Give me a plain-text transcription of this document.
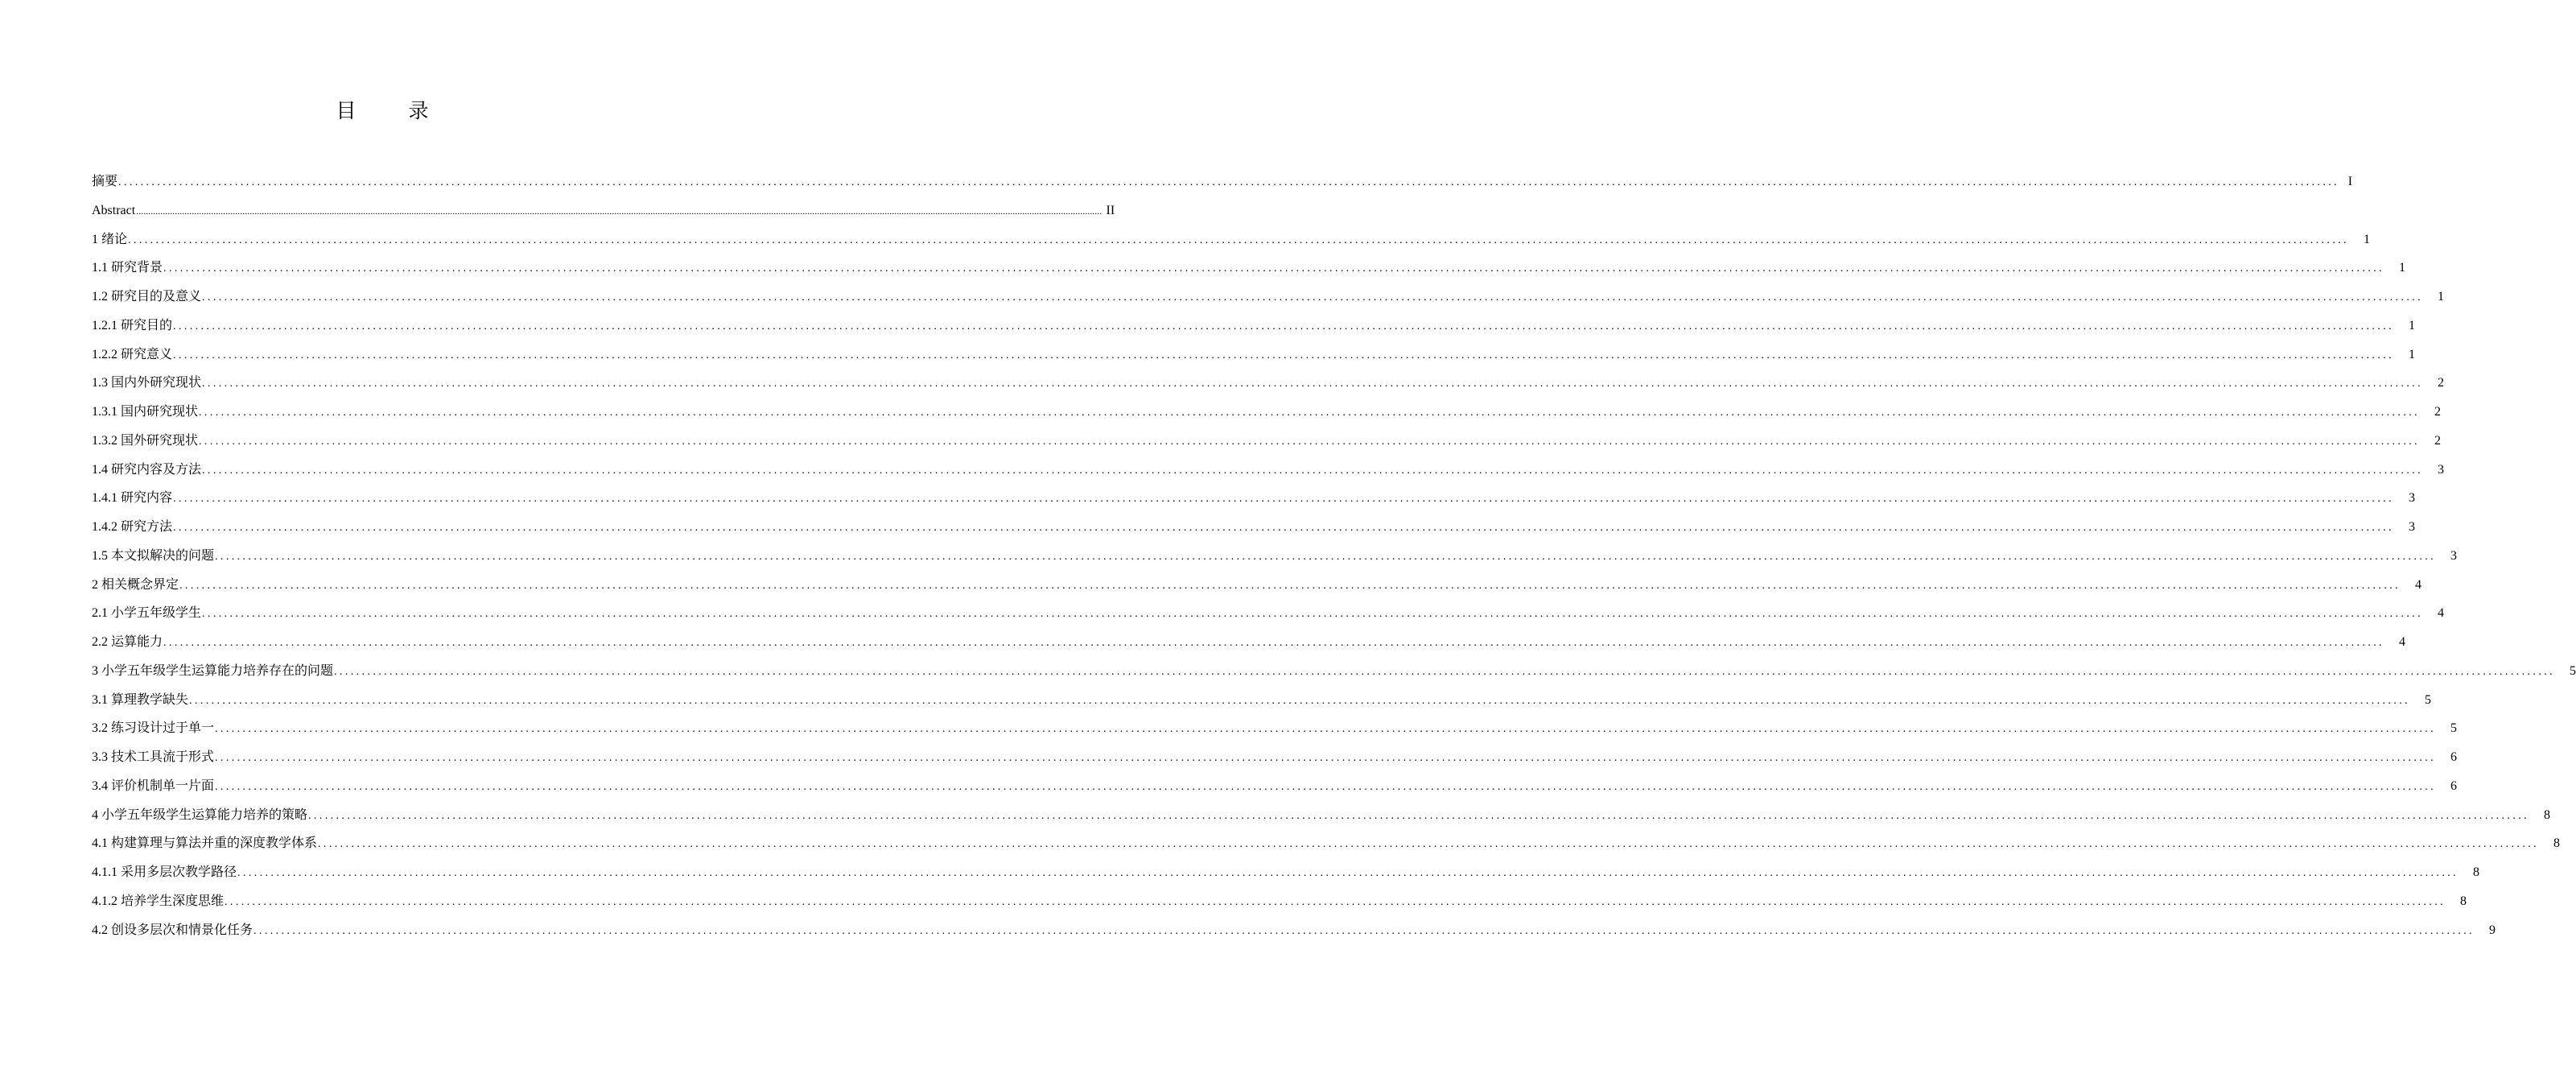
目　录
摘要 ................................................................................................................................................................................................................................................................................................................................................................................................................ I
Abstract ................................................................................................................................................................................................................................................................................................................................................................................................................ II
1 绪论 ................................................................................................................................................................................................................................................................................................................................................................................................................	1
1.1 研究背景 ................................................................................................................................................................................................................................................................................................................................................................................................................	1
1.2 研究目的及意义 ................................................................................................................................................................................................................................................................................................................................................................................................................	1
1.2.1 研究目的 ................................................................................................................................................................................................................................................................................................................................................................................................................	1
1.2.2 研究意义 ................................................................................................................................................................................................................................................................................................................................................................................................................	1
1.3 国内外研究现状 ................................................................................................................................................................................................................................................................................................................................................................................................................	2
1.3.1 国内研究现状 ................................................................................................................................................................................................................................................................................................................................................................................................................	2
1.3.2 国外研究现状 ................................................................................................................................................................................................................................................................................................................................................................................................................	2
1.4 研究内容及方法 ................................................................................................................................................................................................................................................................................................................................................................................................................	3
1.4.1 研究内容 ................................................................................................................................................................................................................................................................................................................................................................................................................	3
1.4.2 研究方法 ................................................................................................................................................................................................................................................................................................................................................................................................................	3
1.5 本文拟解决的问题 ................................................................................................................................................................................................................................................................................................................................................................................................................	3
2 相关概念界定 ................................................................................................................................................................................................................................................................................................................................................................................................................	4
2.1 小学五年级学生 ................................................................................................................................................................................................................................................................................................................................................................................................................	4
2.2 运算能力 ................................................................................................................................................................................................................................................................................................................................................................................................................	4
3 小学五年级学生运算能力培养存在的问题 ................................................................................................................................................................................................................................................................................................................................................................................................................	5
3.1 算理教学缺失 ................................................................................................................................................................................................................................................................................................................................................................................................................	5
3.2 练习设计过于单一 ................................................................................................................................................................................................................................................................................................................................................................................................................	5
3.3 技术工具流于形式 ................................................................................................................................................................................................................................................................................................................................................................................................................	6
3.4 评价机制单一片面 ................................................................................................................................................................................................................................................................................................................................................................................................................	6
4 小学五年级学生运算能力培养的策略 ................................................................................................................................................................................................................................................................................................................................................................................................................	8
4.1 构建算理与算法并重的深度教学体系 ................................................................................................................................................................................................................................................................................................................................................................................................................	8
4.1.1 采用多层次教学路径 ................................................................................................................................................................................................................................................................................................................................................................................................................	8
4.1.2 培养学生深度思维 ................................................................................................................................................................................................................................................................................................................................................................................................................	8
4.2 创设多层次和情景化任务 ................................................................................................................................................................................................................................................................................................................................................................................................................	9
